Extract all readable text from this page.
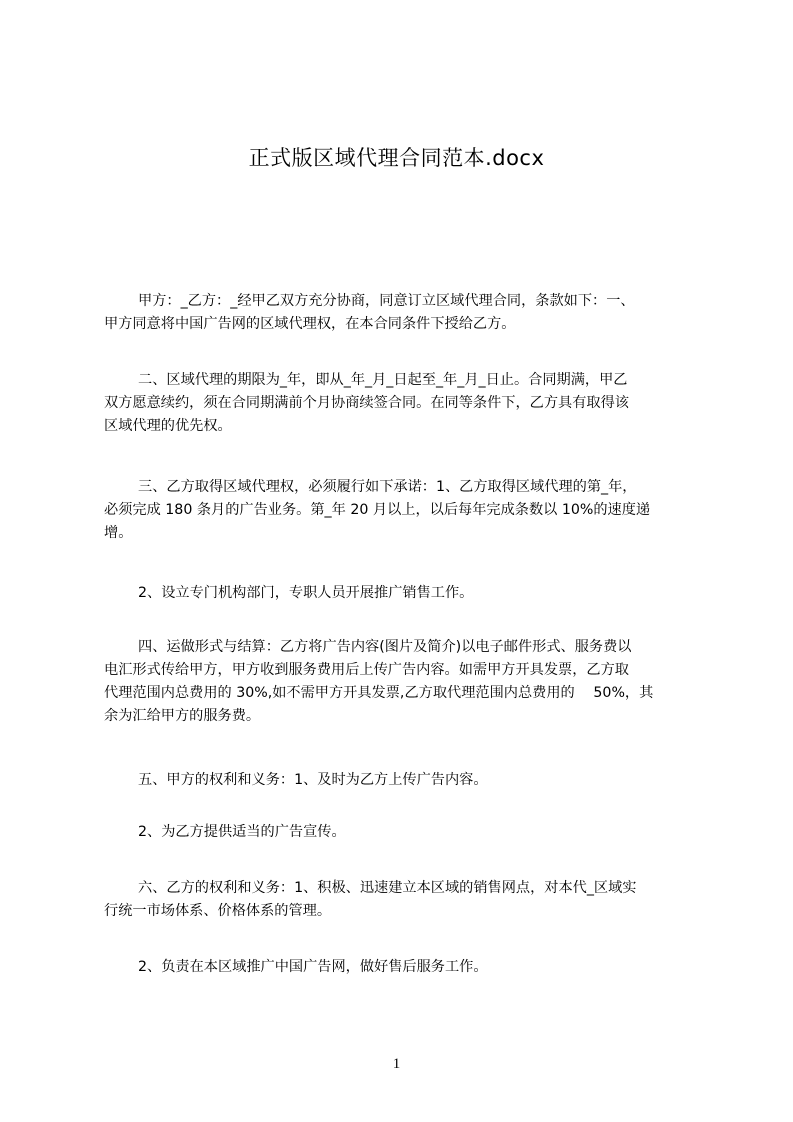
正式版区域代理合同范本.docx
甲方：_乙方：_经甲乙双方充分协商，同意订立区域代理合同，条款如下：一、
甲方同意将中国广告网的区域代理权，在本合同条件下授给乙方。
二、区域代理的期限为_年，即从_年_月_日起至_年_月_日止。合同期满，甲乙
双方愿意续约，须在合同期满前个月协商续签合同。在同等条件下，乙方具有取得该
区域代理的优先权。
三、乙方取得区域代理权，必须履行如下承诺：1、乙方取得区域代理的第_年，
必须完成 180 条月的广告业务。第_年 20 月以上，以后每年完成条数以 10%的速度递
增。
2、设立专门机构部门，专职人员开展推广销售工作。
四、运做形式与结算：乙方将广告内容(图片及简介)以电子邮件形式、服务费以
电汇形式传给甲方，甲方收到服务费用后上传广告内容。如需甲方开具发票，乙方取
代理范围内总费用的 30%,如不需甲方开具发票,乙方取代理范围内总费用的　 50%，其
余为汇给甲方的服务费。
五、甲方的权利和义务：1、及时为乙方上传广告内容。
2、为乙方提供适当的广告宣传。
六、乙方的权利和义务：1、积极、迅速建立本区域的销售网点，对本代_区域实
行统一市场体系、价格体系的管理。
2、负责在本区域推广中国广告网，做好售后服务工作。
1
